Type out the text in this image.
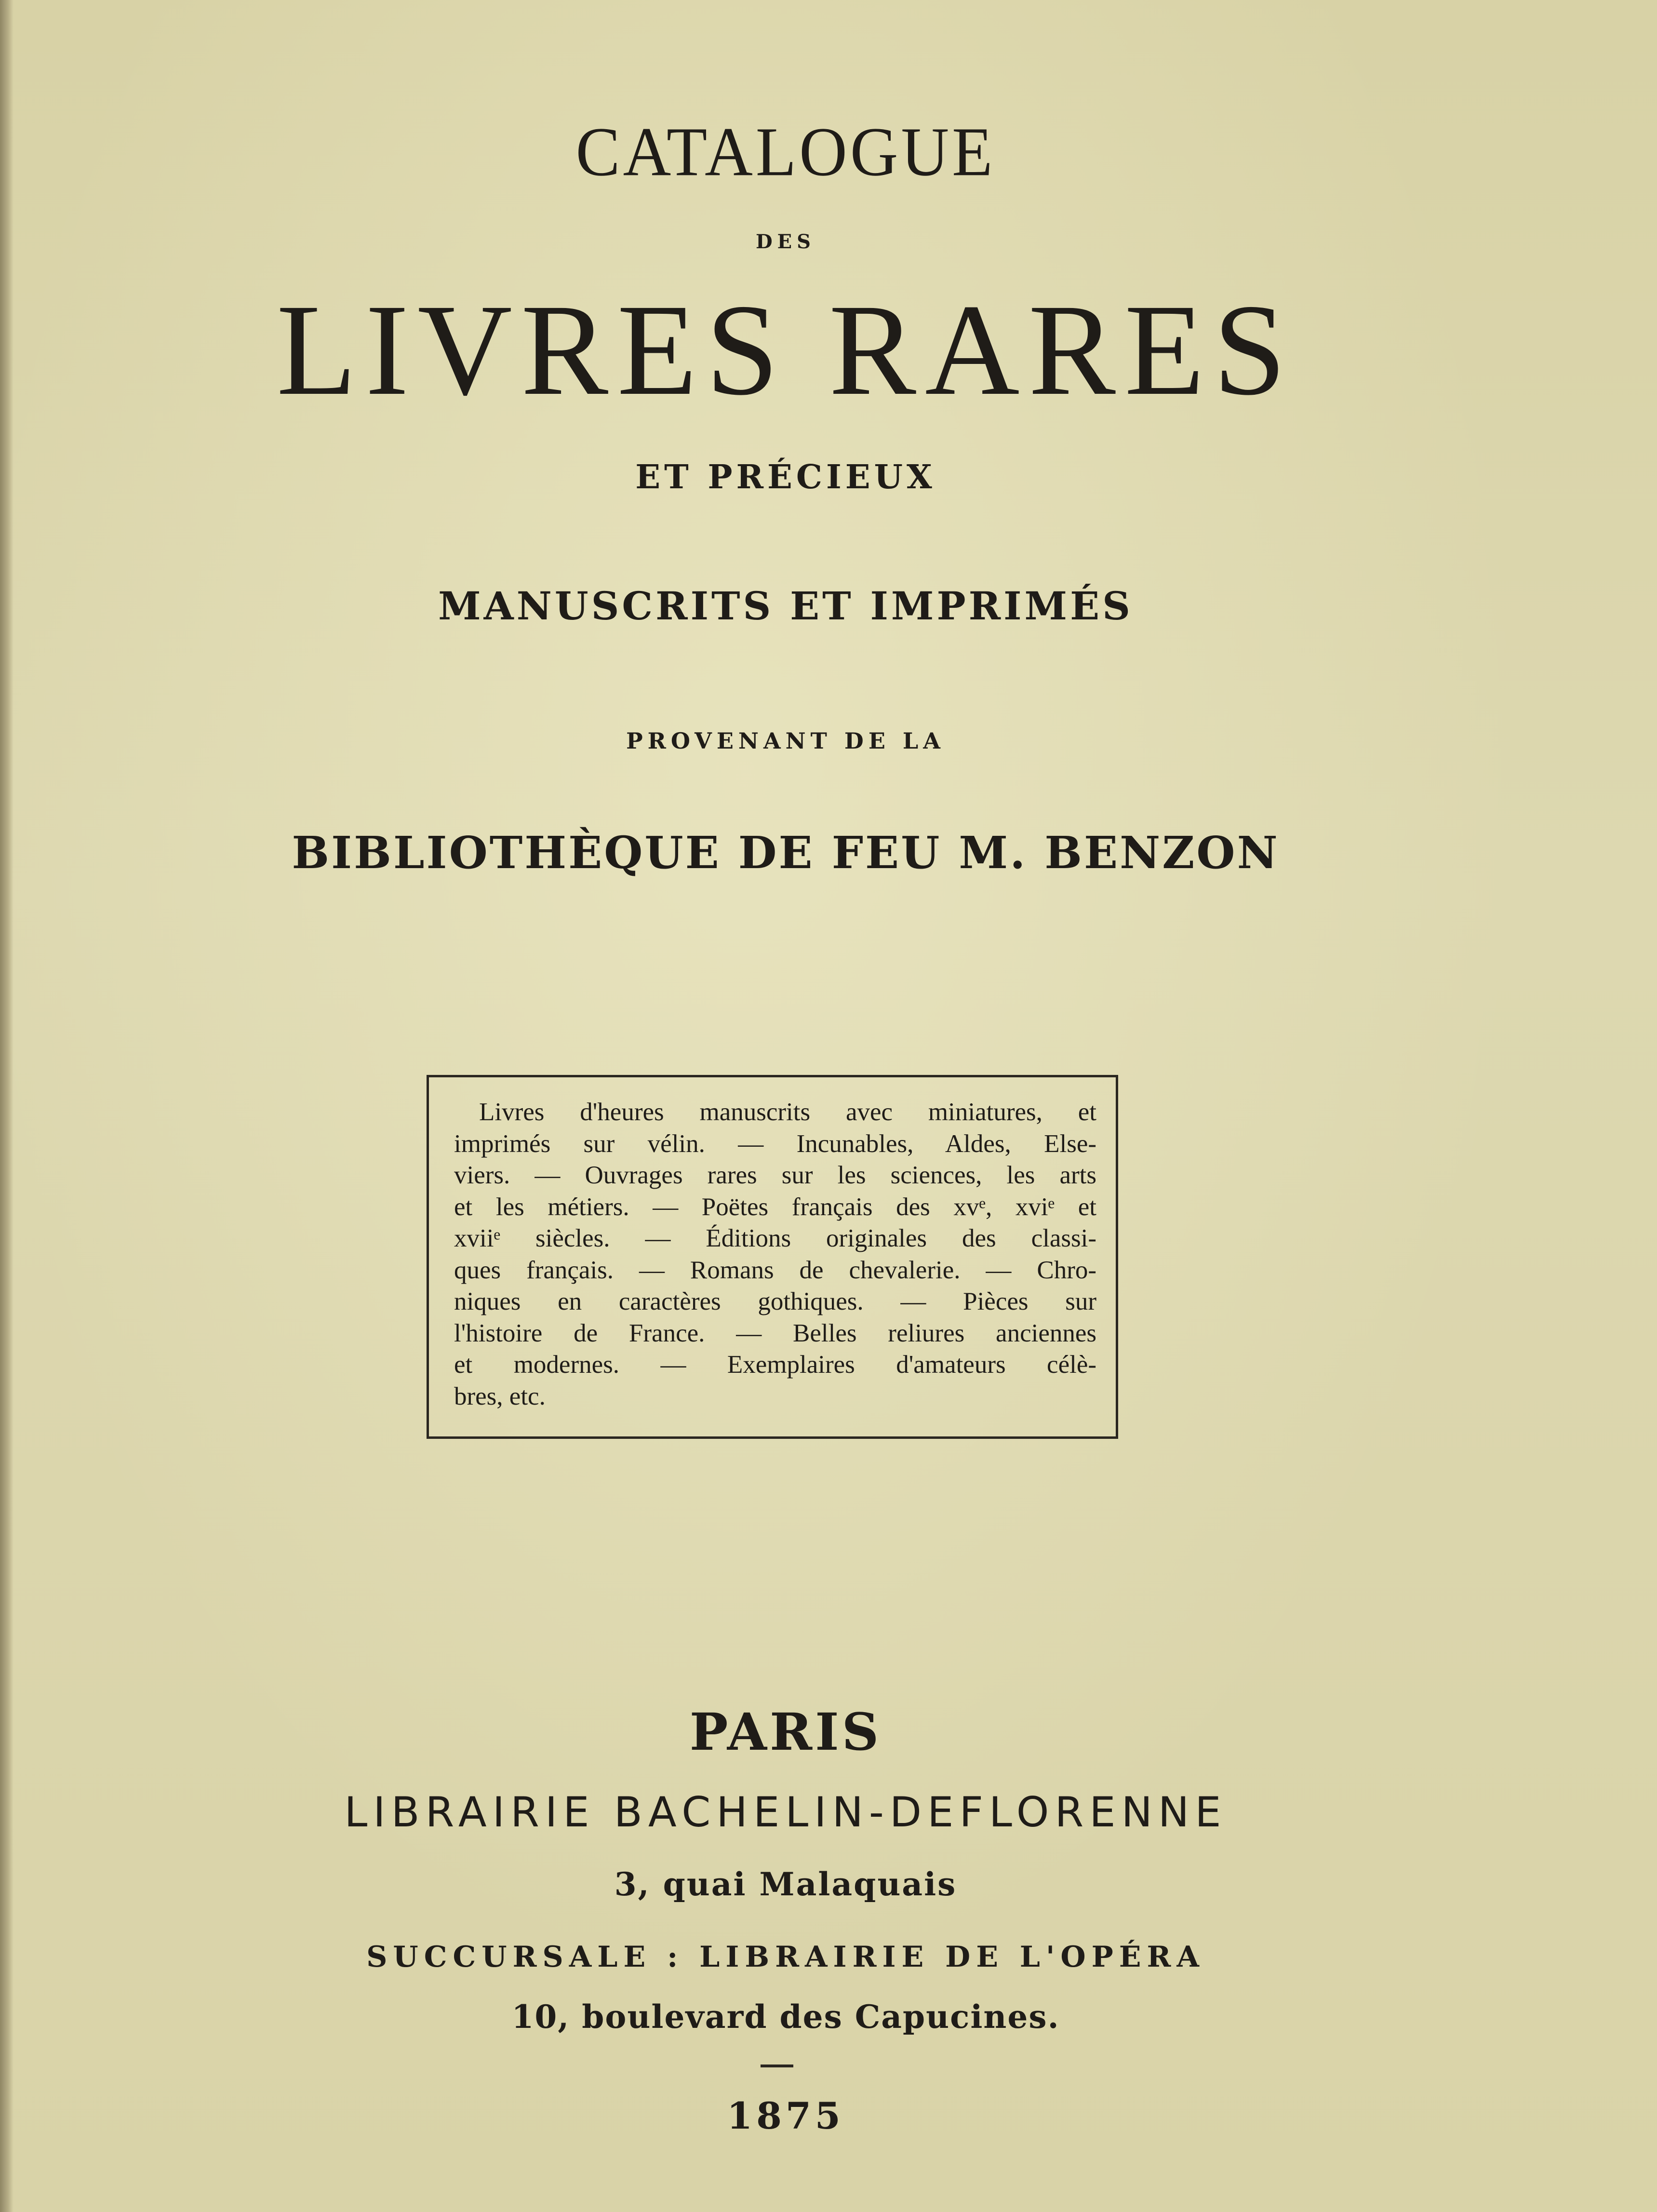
CATALOGUE

DES

LIVRES RARES

ET PRÉCIEUX

MANUSCRITS ET IMPRIMÉS

PROVENANT DE LA

BIBLIOTHÈQUE DE FEU M. BENZON

Livres d'heures manuscrits avec miniatures, et
imprimés sur vélin. — Incunables, Aldes, Else-
viers. — Ouvrages rares sur les sciences, les arts
et les métiers. — Poëtes français des xvᵉ, xviᵉ et
xviiᵉ siècles. — Éditions originales des classi-
ques français. — Romans de chevalerie. — Chro-
niques en caractères gothiques. — Pièces sur
l'histoire de France. — Belles reliures anciennes
et modernes. — Exemplaires d'amateurs célè-
bres, etc.

PARIS

LIBRAIRIE BACHELIN-DEFLORENNE

3, quai Malaquais

SUCCURSALE : LIBRAIRIE DE L'OPÉRA

10, boulevard des Capucines.

1875
